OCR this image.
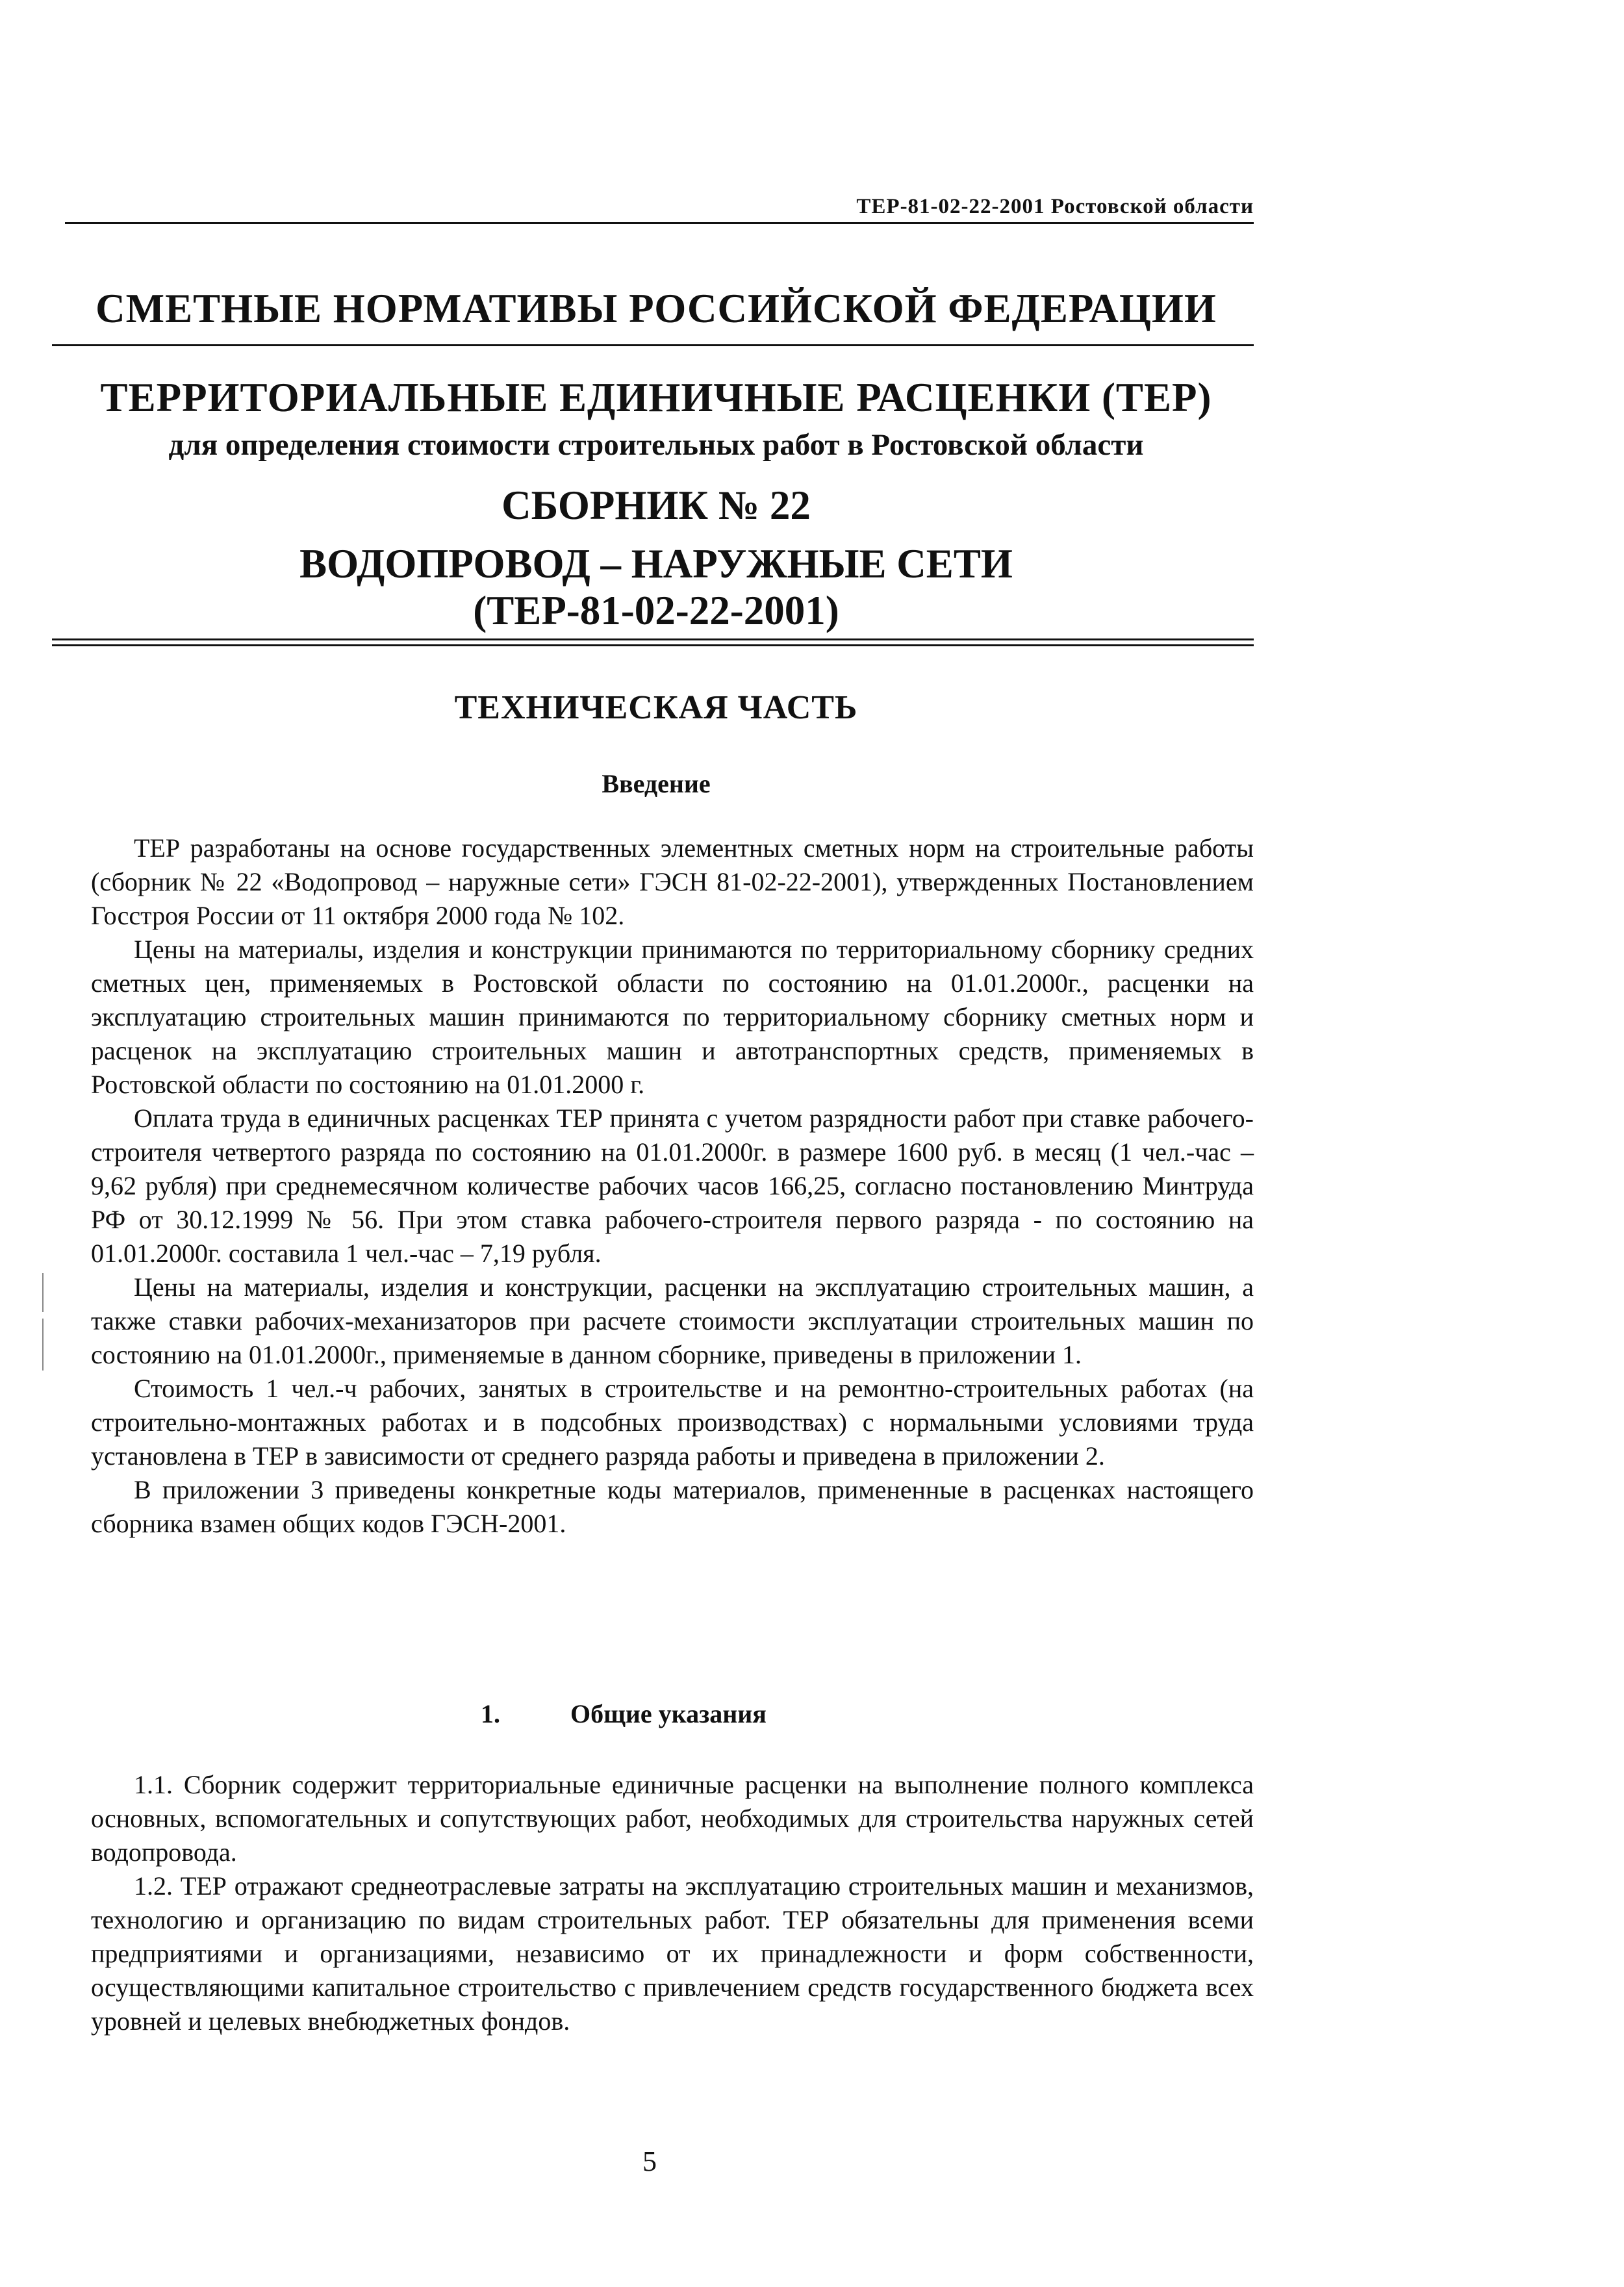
ТЕР-81-02-22-2001 Ростовской области
СМЕТНЫЕ НОРМАТИВЫ РОССИЙСКОЙ ФЕДЕРАЦИИ
ТЕРРИТОРИАЛЬНЫЕ ЕДИНИЧНЫЕ РАСЦЕНКИ (ТЕР)
для определения стоимости строительных работ в Ростовской области
СБОРНИК № 22
ВОДОПРОВОД – НАРУЖНЫЕ СЕТИ
(ТЕР-81-02-22-2001)
ТЕХНИЧЕСКАЯ ЧАСТЬ
Введение

ТЕР разработаны на основе государственных элементных сметных норм на строительные работы (сборник № 22 «Водопровод – наружные сети» ГЭСН 81-02-22-2001), утвержденных Постановлением Госстроя России от 11 октября 2000 года № 102.

Цены на материалы, изделия и конструкции принимаются по территориальному сборнику средних сметных цен, применяемых в Ростовской области по состоянию на 01.01.2000г., расценки на эксплуатацию строительных машин принимаются по территориальному сборнику сметных норм и расценок на эксплуатацию строительных машин и автотранспортных средств, применяемых в Ростовской области по состоянию на 01.01.2000 г.

Оплата труда в единичных расценках ТЕР принята с учетом разрядности работ при ставке рабочего-строителя четвертого разряда по состоянию на 01.01.2000г. в размере 1600 руб. в месяц (1 чел.-час – 9,62 рубля) при среднемесячном количестве рабочих часов 166,25, согласно постановлению Минтруда РФ от 30.12.1999 № 56. При этом ставка рабочего-строителя первого разряда - по состоянию на 01.01.2000г. составила 1 чел.-час – 7,19 рубля.

Цены на материалы, изделия и конструкции, расценки на эксплуатацию строительных машин, а также ставки рабочих-механизаторов при расчете стоимости эксплуатации строительных машин по состоянию на 01.01.2000г., применяемые в данном сборнике, приведены в приложении 1.

Стоимость 1 чел.-ч рабочих, занятых в строительстве и на ремонтно-строительных работах (на строительно-монтажных работах и в подсобных производствах) с нормальными условиями труда установлена в ТЕР в зависимости от среднего разряда работы и приведена в приложении 2.

В приложении 3 приведены конкретные коды материалов, примененные в расценках настоящего сборника взамен общих кодов ГЭСН-2001.

1.	Общие указания

1.1. Сборник содержит территориальные единичные расценки на выполнение полного комплекса основных, вспомогательных и сопутствующих работ, необходимых для строительства наружных сетей водопровода.

1.2. ТЕР отражают среднеотраслевые затраты на эксплуатацию строительных машин и механизмов, технологию и организацию по видам строительных работ. ТЕР обязательны для применения всеми предприятиями и организациями, независимо от их принадлежности и форм собственности, осуществляющими капитальное строительство с привлечением средств государственного бюджета всех уровней и целевых внебюджетных фондов.

5
